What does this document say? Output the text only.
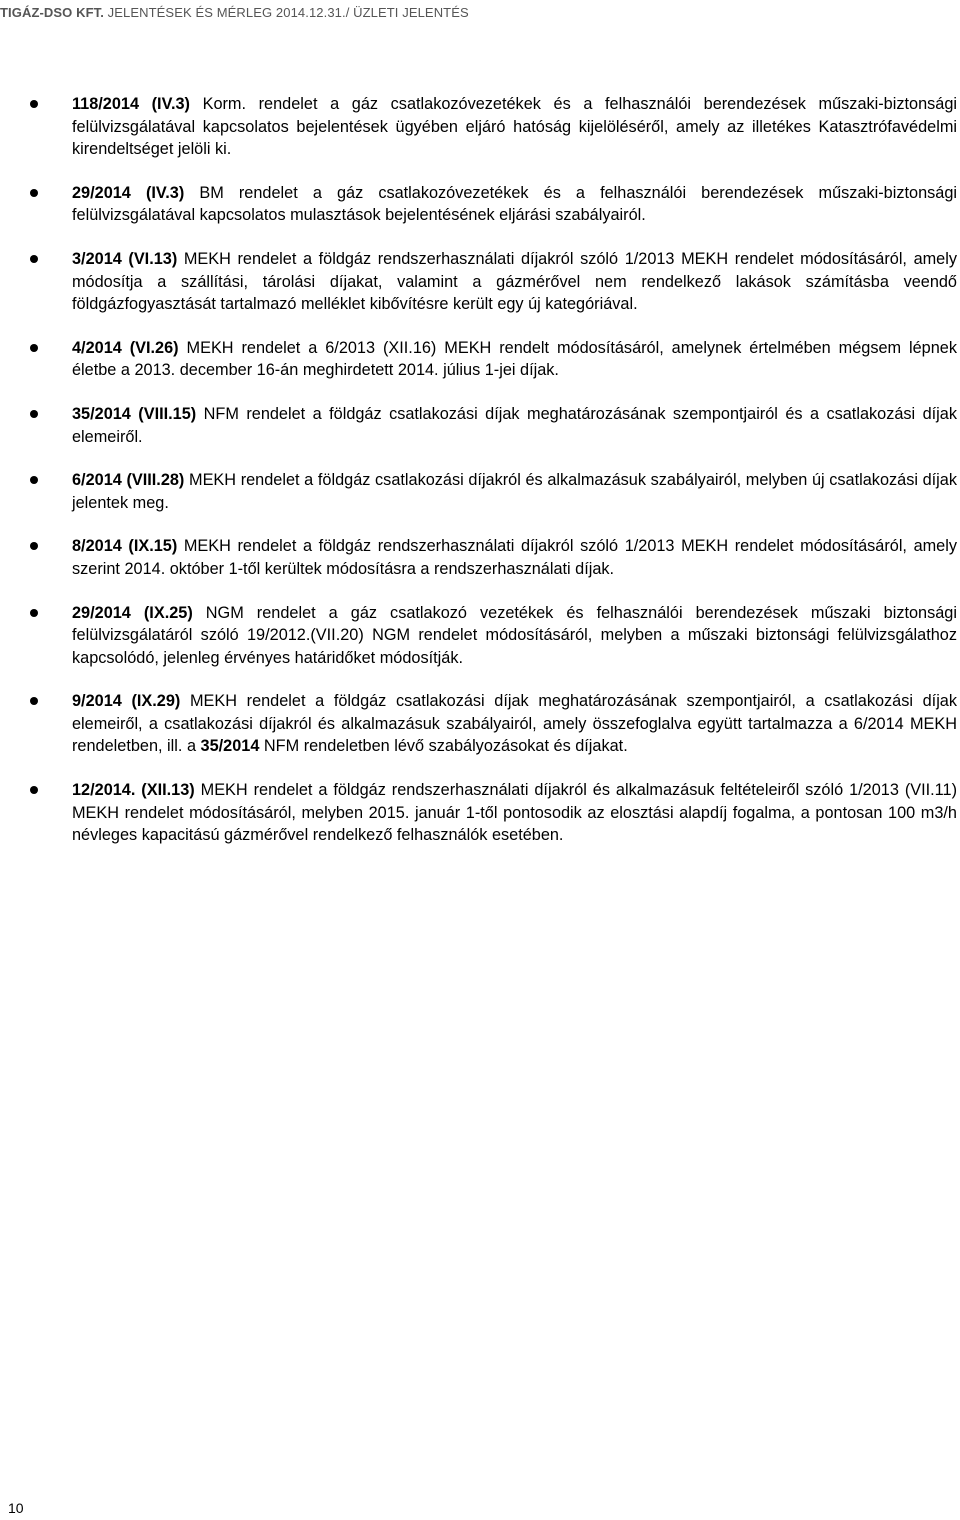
TIGÁZ-DSO KFT. JELENTÉSEK ÉS MÉRLEG 2014.12.31./ ÜZLETI JELENTÉS
118/2014 (IV.3) Korm. rendelet a gáz csatlakozóvezetékek és a felhasználói berendezések műszaki-biztonsági felülvizsgálatával kapcsolatos bejelentések ügyében eljáró hatóság kijelöléséről, amely az illetékes Katasztrófavédelmi kirendeltséget jelöli ki.
29/2014 (IV.3) BM rendelet a gáz csatlakozóvezetékek és a felhasználói berendezések műszaki-biztonsági felülvizsgálatával kapcsolatos mulasztások bejelentésének eljárási szabályairól.
3/2014 (VI.13) MEKH rendelet a földgáz rendszerhasználati díjakról szóló 1/2013 MEKH rendelet módosításáról, amely módosítja a szállítási, tárolási díjakat, valamint a gázmérővel nem rendelkező lakások számításba veendő földgázfogyasztását tartalmazó melléklet kibővítésre került egy új kategóriával.
4/2014 (VI.26) MEKH rendelet a 6/2013 (XII.16) MEKH rendelt módosításáról, amelynek értelmében mégsem lépnek életbe a 2013. december 16-án meghirdetett 2014. július 1-jei díjak.
35/2014 (VIII.15) NFM rendelet a földgáz csatlakozási díjak meghatározásának szempontjairól és a csatlakozási díjak elemeiről.
6/2014 (VIII.28) MEKH rendelet a földgáz csatlakozási díjakról és alkalmazásuk szabályairól, melyben új csatlakozási díjak jelentek meg.
8/2014 (IX.15) MEKH rendelet a földgáz rendszerhasználati díjakról szóló 1/2013 MEKH rendelet módosításáról, amely szerint 2014. október 1-től kerültek módosításra a rendszerhasználati díjak.
29/2014 (IX.25) NGM rendelet a gáz csatlakozó vezetékek és felhasználói berendezések műszaki biztonsági felülvizsgálatáról szóló 19/2012.(VII.20) NGM rendelet módosításáról, melyben a műszaki biztonsági felülvizsgálathoz kapcsolódó, jelenleg érvényes határidőket módosítják.
9/2014 (IX.29) MEKH rendelet a földgáz csatlakozási díjak meghatározásának szempontjairól, a csatlakozási díjak elemeiről, a csatlakozási díjakról és alkalmazásuk szabályairól, amely összefoglalva együtt tartalmazza a 6/2014 MEKH rendeletben, ill. a 35/2014 NFM rendeletben lévő szabályozásokat és díjakat.
12/2014. (XII.13) MEKH rendelet a földgáz rendszerhasználati díjakról és alkalmazásuk feltételeiről szóló 1/2013 (VII.11) MEKH rendelet módosításáról, melyben 2015. január 1-től pontosodik az elosztási alapdíj fogalma, a pontosan 100 m3/h névleges kapacitású gázmérővel rendelkező felhasználók esetében.
10
